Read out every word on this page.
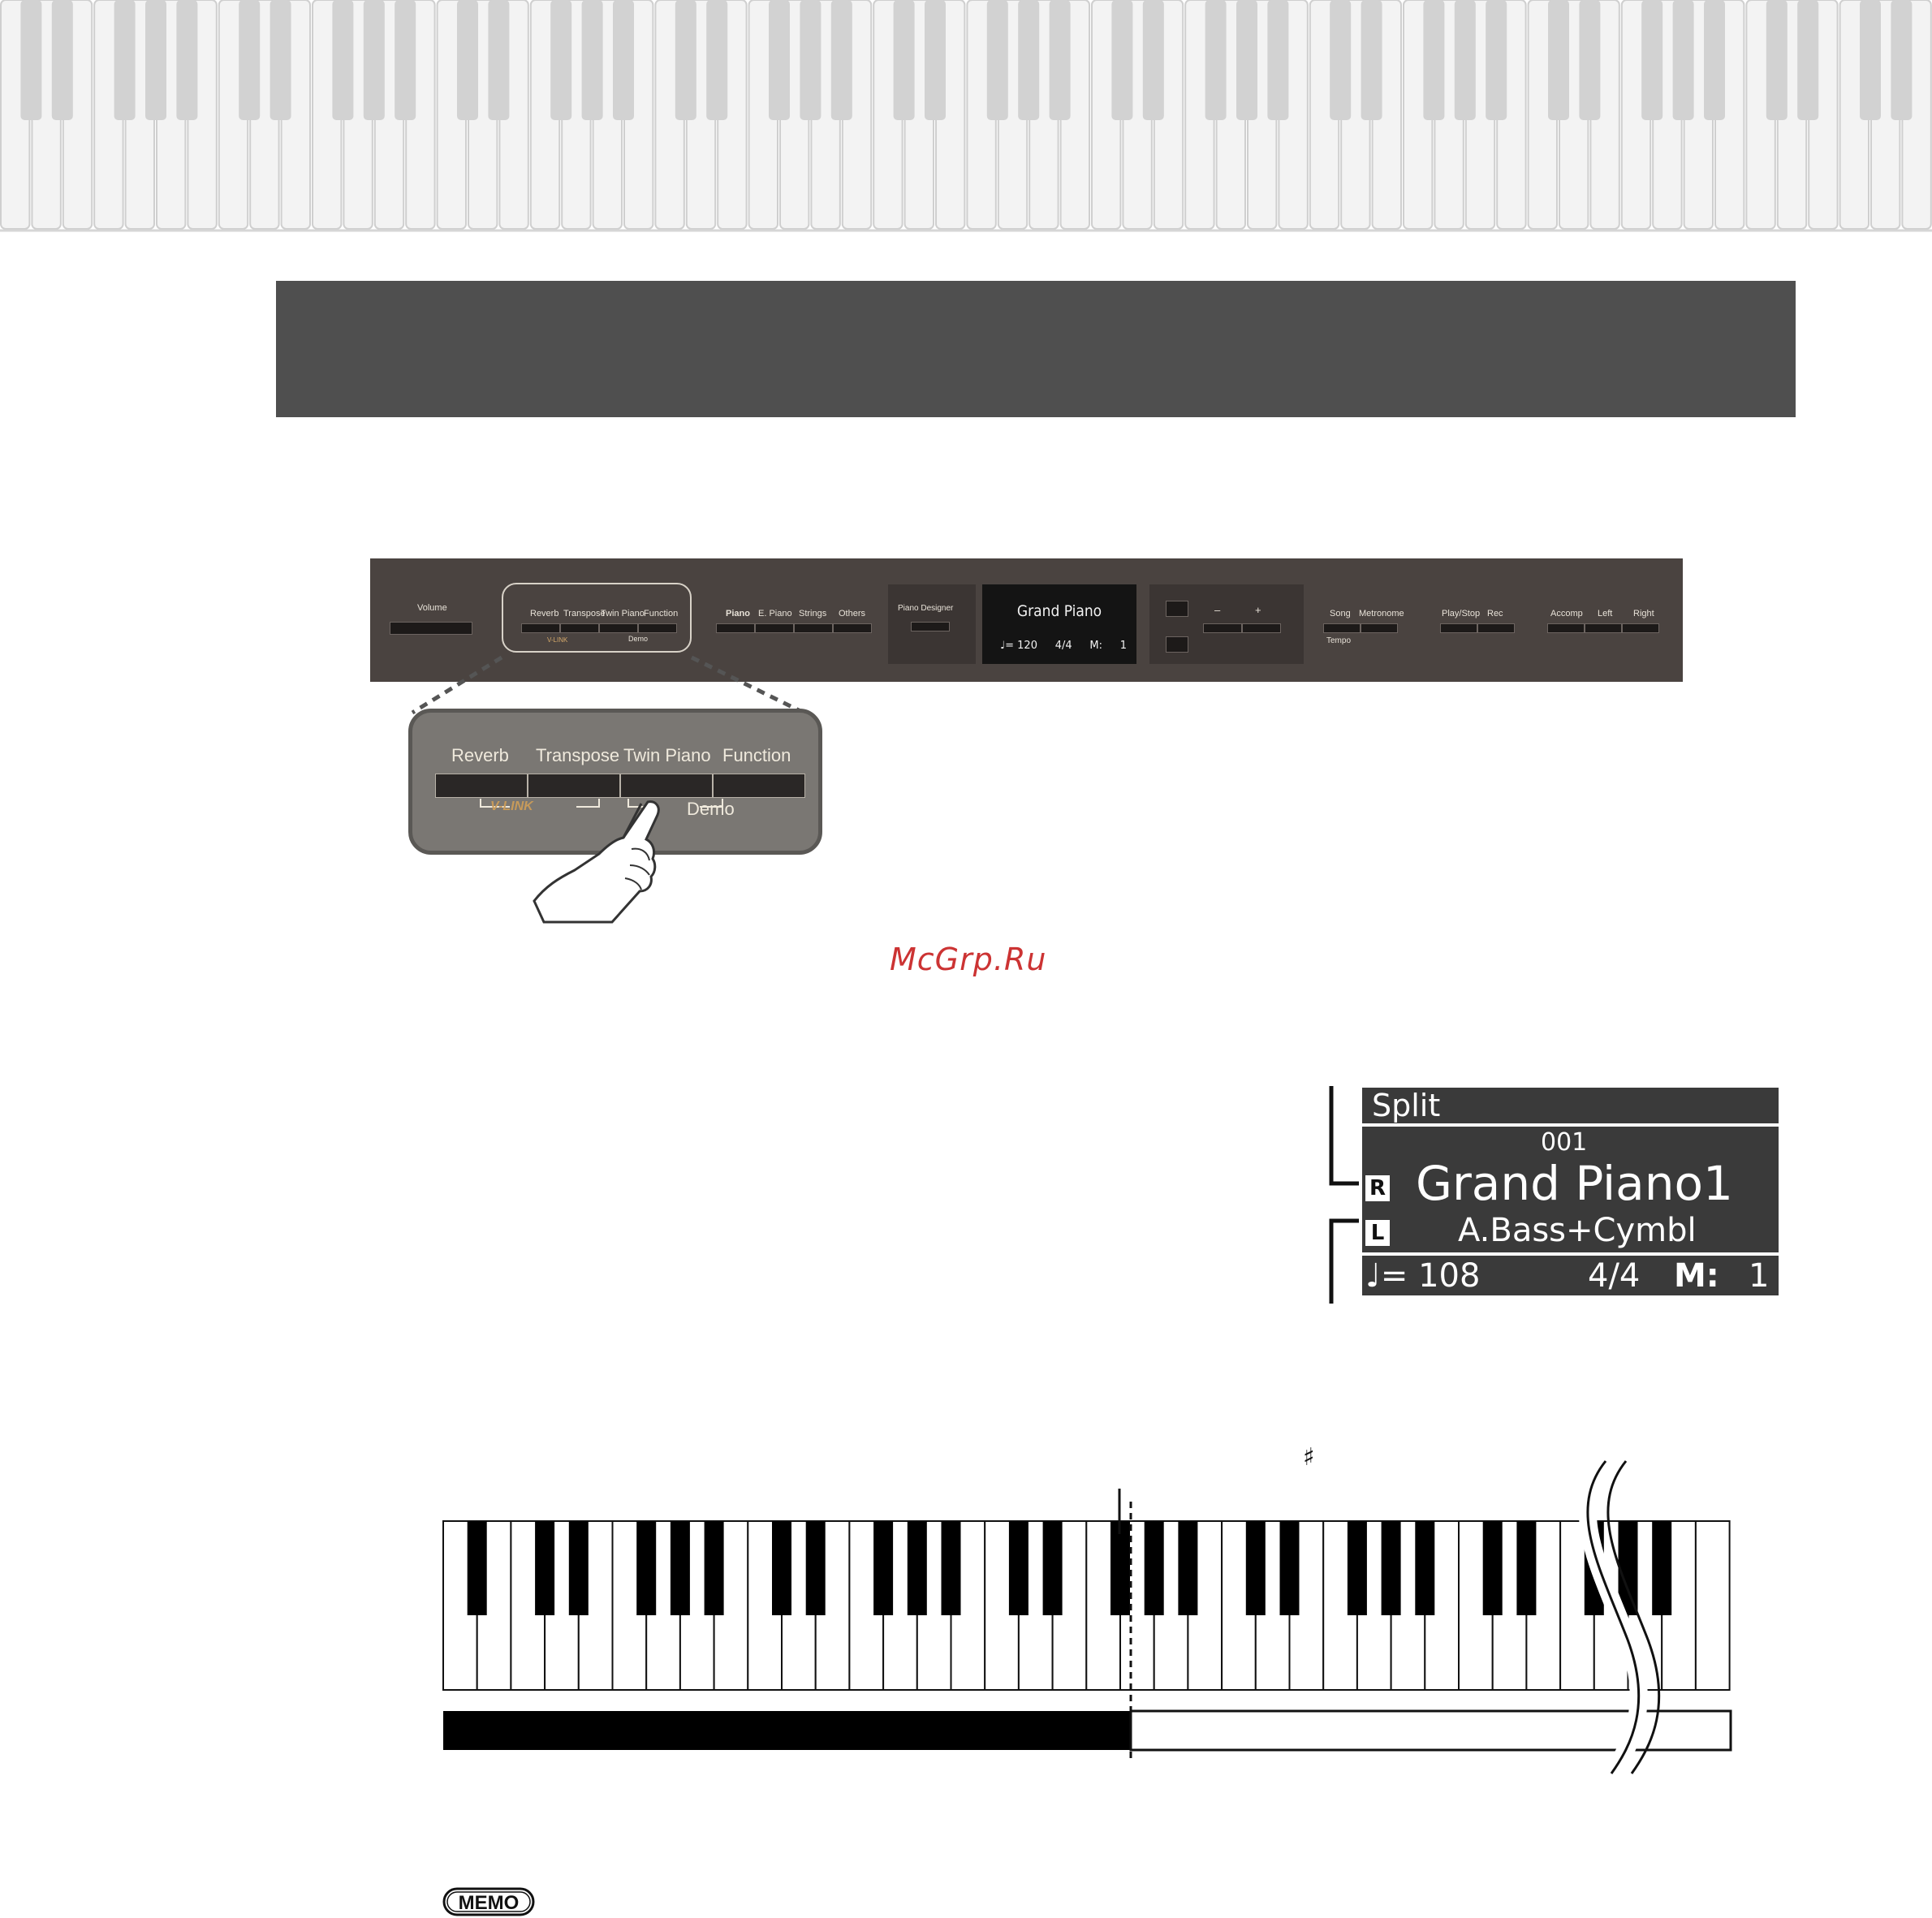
Volume
Reverb Transpose
Twin Piano Function
V-LINK	Demo
Piano E. Piano Strings Others
Piano Designer	Grand Piano
♩= 120 4/4 M: 1
–	+	Song Metronome
Tempo
Play/Stop Rec	Accomp Left Right
Reverb Transpose Twin Piano Function
V-LINK	Demo
McGrp.Ru
Split
001
R Grand Piano1
L A.Bass+Cymbl
♩= 108	4/4 M: 1
♯
MEMO
